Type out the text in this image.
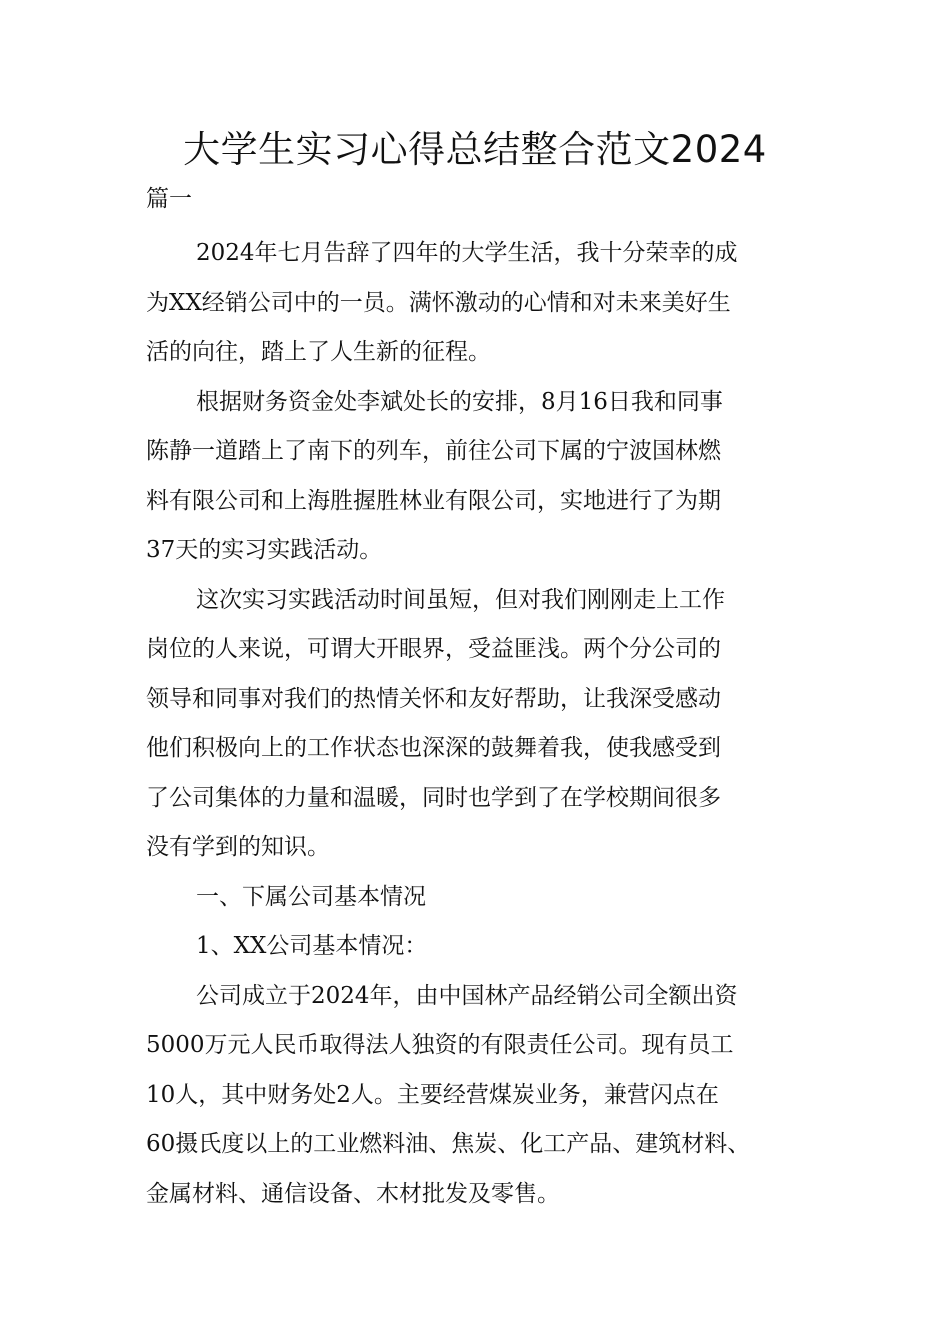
大学生实习心得总结整合范文2024
篇一
2024年七月告辞了四年的大学生活，我十分荣幸的成
为XX经销公司中的一员。满怀激动的心情和对未来美好生
活的向往，踏上了人生新的征程。
根据财务资金处李斌处长的安排，8月16日我和同事
陈静一道踏上了南下的列车，前往公司下属的宁波国林燃
料有限公司和上海胜握胜林业有限公司，实地进行了为期
37天的实习实践活动。
这次实习实践活动时间虽短，但对我们刚刚走上工作
岗位的人来说，可谓大开眼界，受益匪浅。两个分公司的
领导和同事对我们的热情关怀和友好帮助，让我深受感动
他们积极向上的工作状态也深深的鼓舞着我，使我感受到
了公司集体的力量和温暖，同时也学到了在学校期间很多
没有学到的知识。
一、下属公司基本情况
1、XX公司基本情况：
公司成立于2024年，由中国林产品经销公司全额出资
5000万元人民币取得法人独资的有限责任公司。现有员工
10人，其中财务处2人。主要经营煤炭业务，兼营闪点在
60摄氏度以上的工业燃料油、焦炭、化工产品、建筑材料、
金属材料、通信设备、木材批发及零售。
